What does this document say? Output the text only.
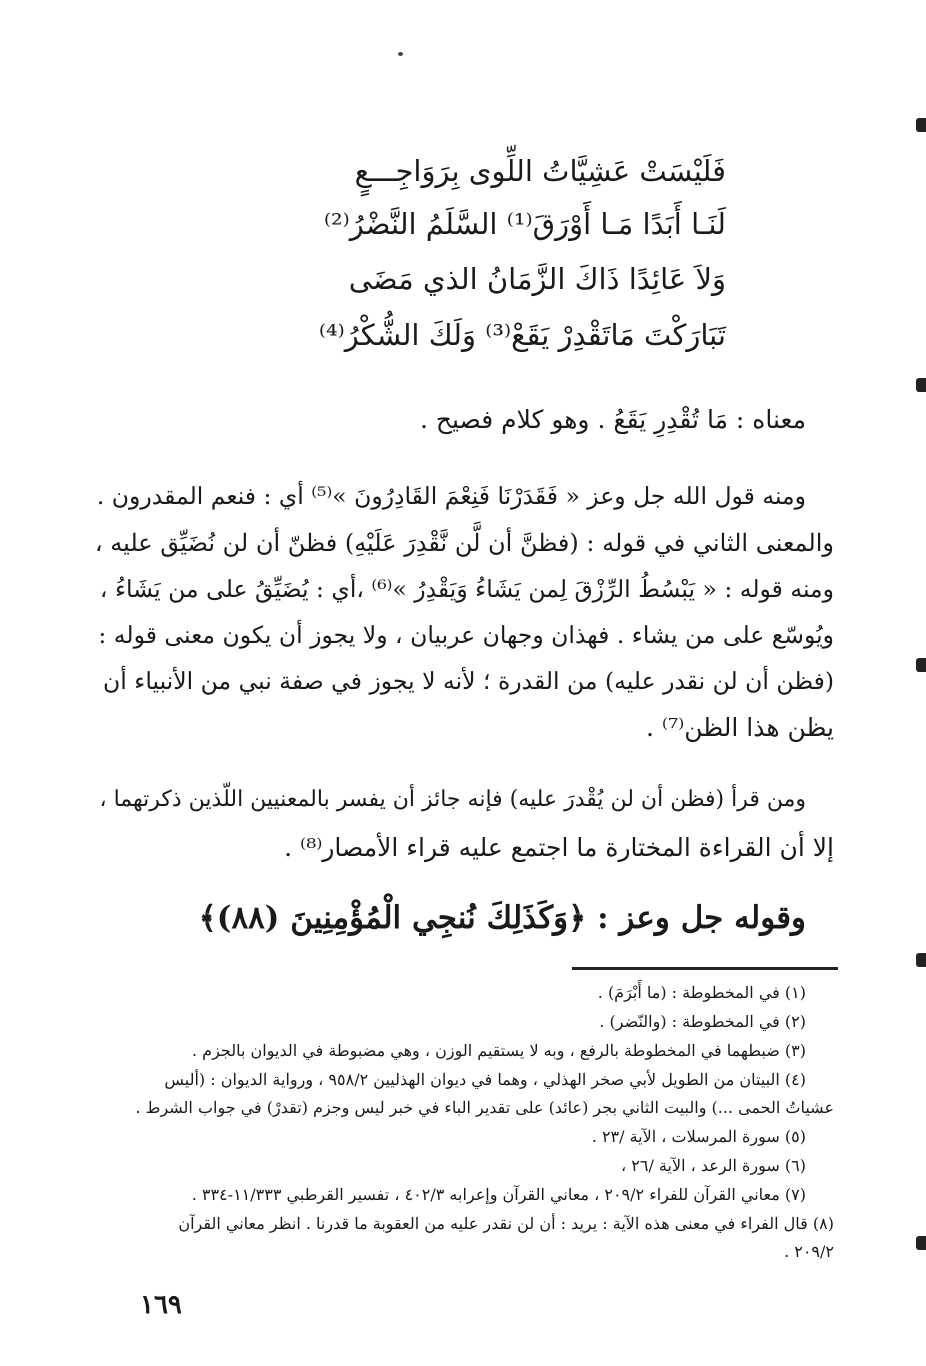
فَلَيْسَتْ عَشِيَّاتُ اللِّوى بِرَوَاجِـــعٍ
لَنَـا أَبَدًا مَـا أَوْرَقَ⁽¹⁾ السَّلَمُ النَّضْرُ⁽²⁾
وَلاَ عَائِدًا ذَاكَ الزَّمَانُ الذي مَضَى
تَبَارَكْتَ مَاتَقْدِرْ يَقَعْ⁽³⁾ وَلَكَ الشُّكْرُ⁽⁴⁾
معناه : مَا تُقْدِرِ يَقَعُ . وهو كلام فصيح .
ومنه قول الله جل وعز « فَقَدَرْنَا فَنِعْمَ القَادِرُونَ »⁽⁵⁾ أي : فنعم المقدرون .
والمعنى الثاني في قوله : (فظنَّ أن لَّن نَّقْدِرَ عَلَيْهِ) فظنّ أن لن نُضَيِّق عليه ،
ومنه قوله : « يَبْسُطُ الرِّزْقَ لِمن يَشَاءُ وَيَقْدِرُ »⁽⁶⁾ ،أي : يُضَيِّقُ على من يَشَاءُ ،
ويُوسّع على من يشاء . فهذان وجهان عربيان ، ولا يجوز أن يكون معنى قوله :
(فظن أن لن نقدر عليه) من القدرة ؛ لأنه لا يجوز في صفة نبي من الأنبياء أن
يظن هذا الظن⁽⁷⁾ .
ومن قرأ (فظن أن لن يُقْدرَ عليه) فإنه جائز أن يفسر بالمعنيين اللّذين ذكرتهما ،
إلا أن القراءة المختارة ما اجتمع عليه قراء الأمصار⁽⁸⁾ .
وقوله جل وعز : ﴿وَكَذَلِكَ نُنجِي الْمُؤْمِنِينَ (٨٨)﴾
(١) في المخطوطة : (ما أَبْرَمَ) .
(٢) في المخطوطة : (والنّضر) .
(٣) ضبطهما في المخطوطة بالرفع ، وبه لا يستقيم الوزن ، وهي مضبوطة في الديوان بالجزم .
(٤) البيتان من الطويل لأبي صخر الهذلي ، وهما في ديوان الهذليين ٩٥٨/٢ ، ورواية الديوان : (أليس
عشياتُ الحمى ...) والبيت الثاني بجر (عائد) على تقدير الباء في خبر ليس وجزم (تقدرْ) في جواب الشرط .
(٥) سورة المرسلات ، الآية /٢٣ .
(٦) سورة الرعد ، الآية /٢٦ ،
(٧) معاني القرآن للفراء ٢٠٩/٢ ، معاني القرآن وإعرابه ٤٠٢/٣ ، تفسير القرطبي ١١/٣٣٣-٣٣٤ .
(٨) قال الفراء في معنى هذه الآية : يريد : أن لن نقدر عليه من العقوبة ما قدرنا . انظر معاني القرآن
. ٢٠٩/٢
١٦٩
